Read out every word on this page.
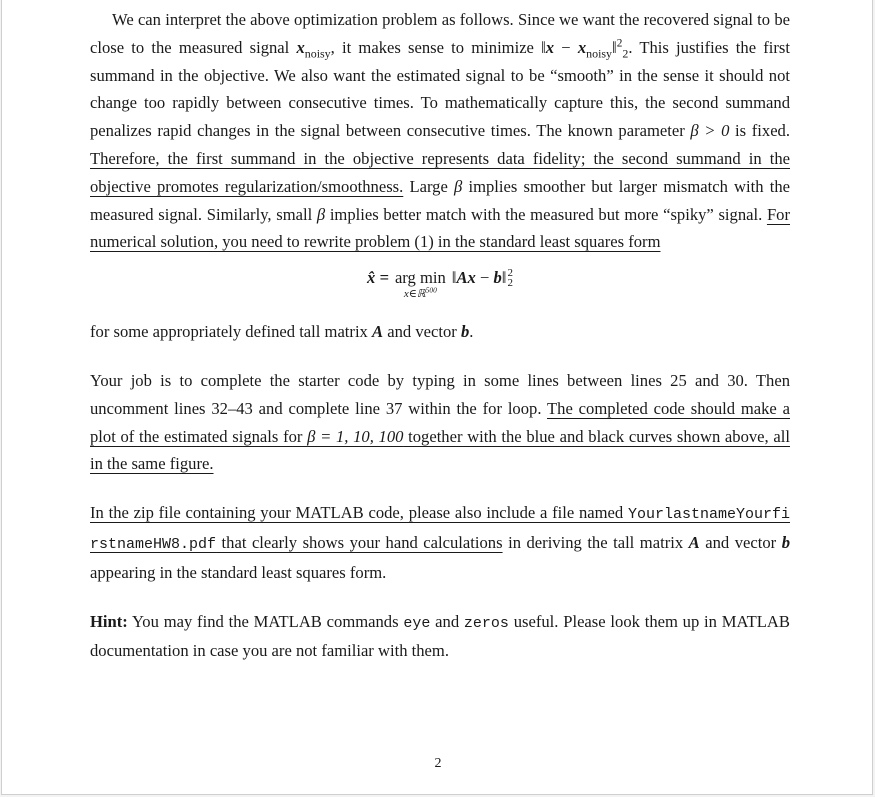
We can interpret the above optimization problem as follows. Since we want the recovered signal to be close to the measured signal $x_{noisy}$, it makes sense to minimize ‖x − $x_{noisy}‖^2_2$. This justifies the first summand in the objective. We also want the estimated signal to be “smooth” in the sense it should not change too rapidly between consecutive times. To mathematically capture this, the second summand penalizes rapid changes in the signal between consecutive times. The known parameter β > 0 is fixed. Therefore, the first summand in the objective represents data fidelity; the second summand in the objective promotes regularization/smoothness. Large β implies smoother but larger mismatch with the measured signal. Similarly, small β implies better match with the measured but more “spiky” signal. For numerical solution, you need to rewrite problem (1) in the standard least squares form

x̂ = arg min
x∈ℝ$^{500}$
‖ A x − b ‖ 2
2

for some appropriately defined tall matrix A and vector b.

Your job is to complete the starter code by typing in some lines between lines 25 and 30. Then uncomment lines 32–43 and complete line 37 within the for loop. The completed code should make a plot of the estimated signals for β = 1, 10, 100 together with the blue and black curves shown above, all in the same figure.

In the zip file containing your MATLAB code, please also include a file named YourlastnameYourfirstnameHW8.pdf that clearly shows your hand calculations in deriving the tall matrix A and vector b appearing in the standard least squares form.

Hint: You may find the MATLAB commands eye and zeros useful. Please look them up in MATLAB documentation in case you are not familiar with them.

2
